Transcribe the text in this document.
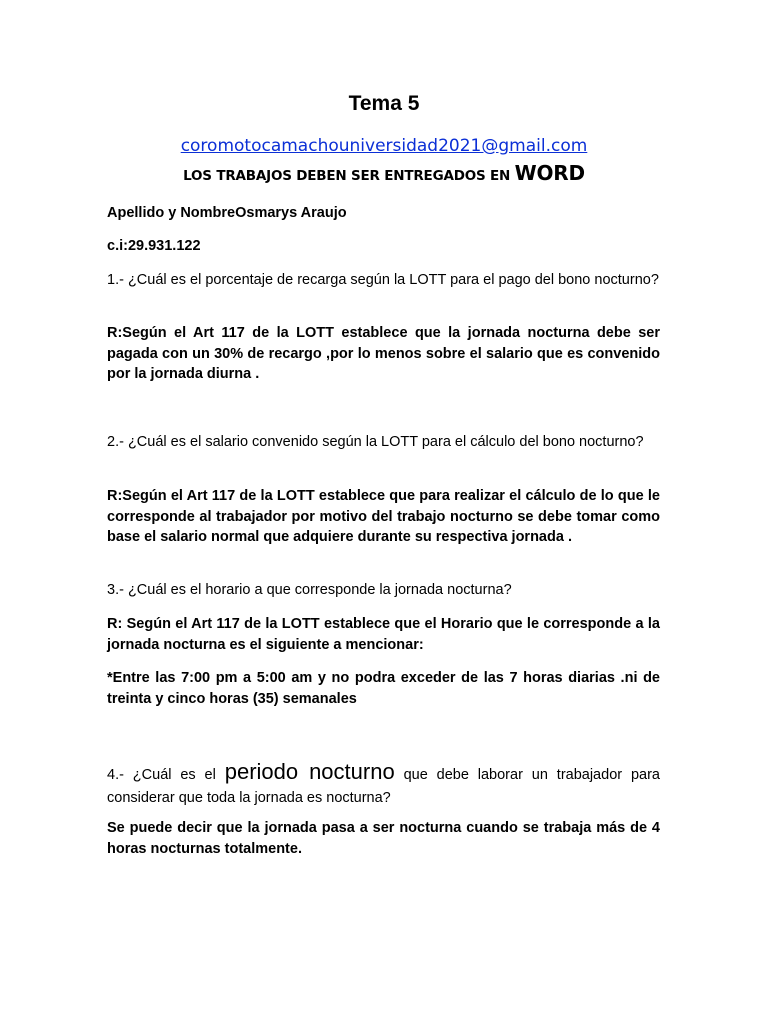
Tema 5
coromotocamachouniversidad2021@gmail.com
LOS TRABAJOS DEBEN SER ENTREGADOS EN WORD
Apellido y NombreOsmarys Araujo
c.i:29.931.122
1.- ¿Cuál es el porcentaje de recarga según la LOTT para el pago del bono nocturno?
R:Según el Art 117 de la LOTT establece que la jornada nocturna debe ser pagada con un 30% de recargo ,por lo menos sobre el salario que es convenido por la jornada diurna .
2.- ¿Cuál es el salario convenido según la LOTT para el cálculo del bono nocturno?
R:Según el Art 117 de la LOTT establece que para realizar el cálculo de lo que le corresponde al trabajador por motivo del trabajo nocturno se debe tomar como base el salario normal que adquiere durante su respectiva jornada .
3.- ¿Cuál es el horario a que corresponde la jornada nocturna?
R: Según el Art 117 de la LOTT establece que el Horario que le corresponde a la jornada nocturna es el siguiente a mencionar:
*Entre las 7:00 pm a 5:00 am y no podra exceder de las 7 horas diarias .ni de treinta y cinco horas (35) semanales
4.- ¿Cuál es el periodo nocturno que debe laborar un trabajador para considerar que toda la jornada es nocturna?
Se puede decir que la jornada pasa a ser nocturna cuando se trabaja más de 4 horas nocturnas totalmente.
